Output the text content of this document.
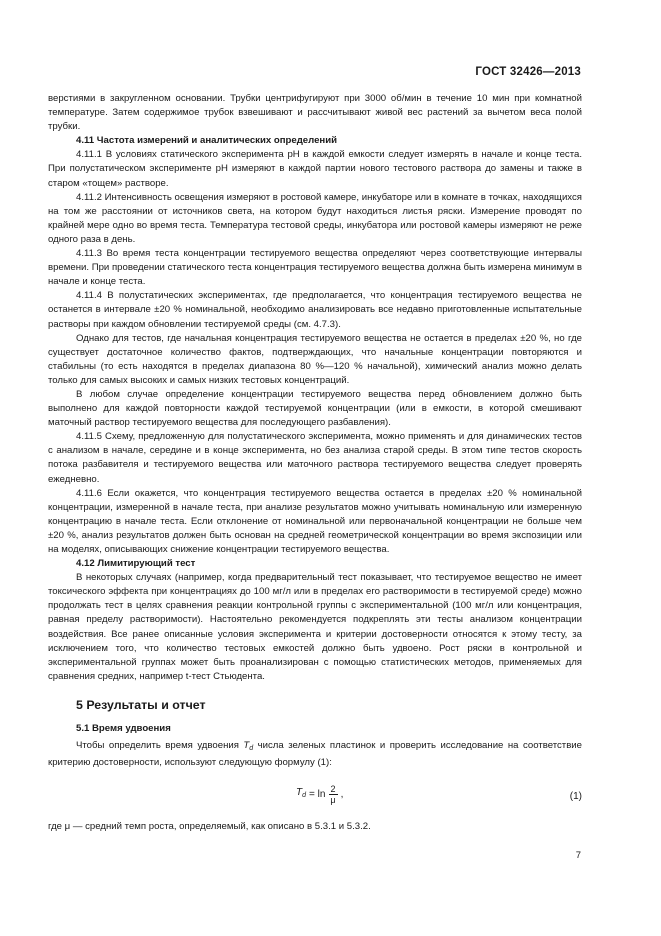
ГОСТ 32426—2013

верстиями в закругленном основании. Трубки центрифугируют при 3000 об/мин в течение 10 мин при комнатной температуре. Затем содержимое трубок взвешивают и рассчитывают живой вес растений за вычетом веса полой трубки.

4.11 Частота измерений и аналитических определений

4.11.1 В условиях статического эксперимента рН в каждой емкости следует измерять в начале и конце теста. При полустатическом эксперименте рН измеряют в каждой партии нового тестового раствора до замены и также в старом «тощем» растворе.

4.11.2 Интенсивность освещения измеряют в ростовой камере, инкубаторе или в комнате в точках, находящихся на том же расстоянии от источников света, на котором будут находиться листья ряски. Измерение проводят по крайней мере одно во время теста. Температура тестовой среды, инкубатора или ростовой камеры измеряют не реже одного раза в день.

4.11.3 Во время теста концентрации тестируемого вещества определяют через соответствующие интервалы времени. При проведении статического теста концентрация тестируемого вещества должна быть измерена минимум в начале и конце теста.

4.11.4 В полустатических экспериментах, где предполагается, что концентрация тестируемого вещества не останется в интервале ±20 % номинальной, необходимо анализировать все недавно приготовленные испытательные растворы при каждом обновлении тестируемой среды (см. 4.7.3).

Однако для тестов, где начальная концентрация тестируемого вещества не остается в пределах ±20 %, но где существует достаточное количество фактов, подтверждающих, что начальные концентрации повторяются и стабильны (то есть находятся в пределах диапазона 80 %—120 % начальной), химический анализ можно делать только для самых высоких и самых низких тестовых концентраций.

В любом случае определение концентрации тестируемого вещества перед обновлением должно быть выполнено для каждой повторности каждой тестируемой концентрации (или в емкости, в которой смешивают маточный раствор тестируемого вещества для последующего разбавления).

4.11.5 Схему, предложенную для полустатического эксперимента, можно применять и для динамических тестов с анализом в начале, середине и в конце эксперимента, но без анализа старой среды. В этом типе тестов скорость потока разбавителя и тестируемого вещества или маточного раствора тестируемого вещества следует проверять ежедневно.

4.11.6 Если окажется, что концентрация тестируемого вещества остается в пределах ±20 % номинальной концентрации, измеренной в начале теста, при анализе результатов можно учитывать номинальную или измеренную концентрацию в начале теста. Если отклонение от номинальной или первоначальной концентрации не больше чем ±20 %, анализ результатов должен быть основан на средней геометрической концентрации во время экспозиции или на моделях, описывающих снижение концентрации тестируемого вещества.

4.12 Лимитирующий тест

В некоторых случаях (например, когда предварительный тест показывает, что тестируемое вещество не имеет токсического эффекта при концентрациях до 100 мг/л или в пределах его растворимости в тестируемой среде) можно продолжать тест в целях сравнения реакции контрольной группы с экспериментальной (100 мг/л или концентрация, равная пределу растворимости). Настоятельно рекомендуется подкреплять эти тесты анализом концентрации воздействия. Все ранее описанные условия эксперимента и критерии достоверности относятся к этому тесту, за исключением того, что количество тестовых емкостей должно быть удвоено. Рост ряски в контрольной и экспериментальной группах может быть проанализирован с помощью статистических методов, применяемых для сравнения средних, например t-тест Стьюдента.

5 Результаты и отчет
5.1 Время удвоения

Чтобы определить время удвоения $T_d$ числа зеленых пластинок и проверить исследование на соответствие критерию достоверности, используют следующую формулу (1):

$T_d = \ln \frac{2}{\mu}$ ,	(1)

где μ — средний темп роста, определяемый, как описано в 5.3.1 и 5.3.2.

7
